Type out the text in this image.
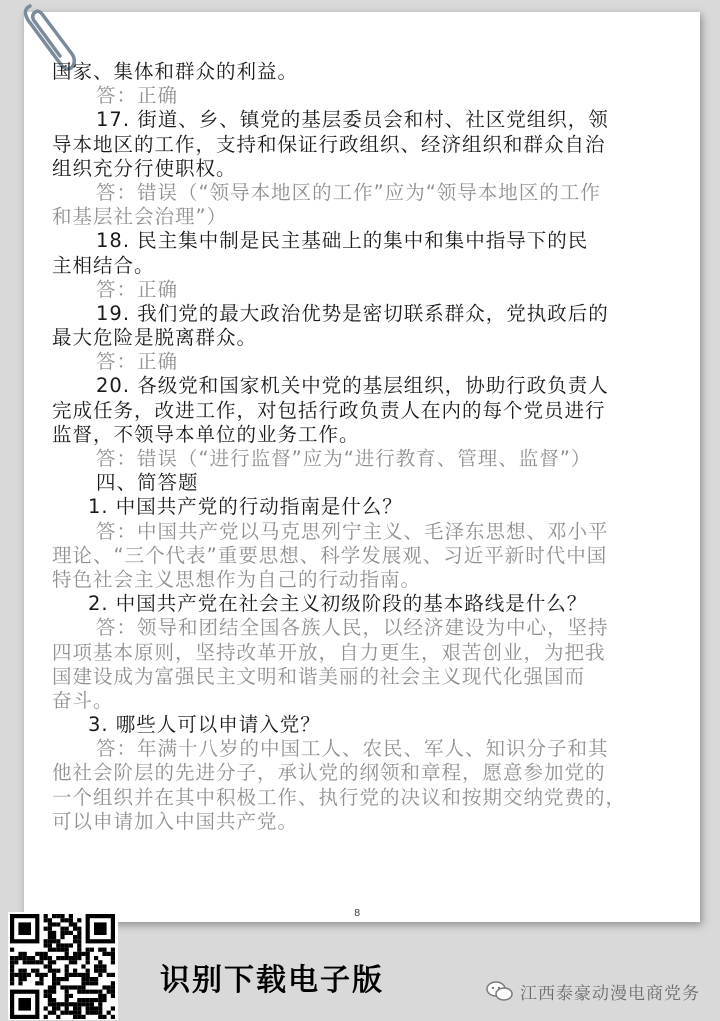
国家、集体和群众的利益。
答：正确
17. 街道、乡、镇党的基层委员会和村、社区党组织，领
导本地区的工作，支持和保证行政组织、经济组织和群众自治
组织充分行使职权。
答：错误（“领导本地区的工作”应为“领导本地区的工作
和基层社会治理”）
18. 民主集中制是民主基础上的集中和集中指导下的民
主相结合。
答：正确
19. 我们党的最大政治优势是密切联系群众，党执政后的
最大危险是脱离群众。
答：正确
20. 各级党和国家机关中党的基层组织，协助行政负责人
完成任务，改进工作，对包括行政负责人在内的每个党员进行
监督，不领导本单位的业务工作。
答：错误（“进行监督”应为“进行教育、管理、监督”）
四、简答题
1. 中国共产党的行动指南是什么？
答：中国共产党以马克思列宁主义、毛泽东思想、邓小平
理论、“三个代表”重要思想、科学发展观、习近平新时代中国
特色社会主义思想作为自己的行动指南。
2. 中国共产党在社会主义初级阶段的基本路线是什么？
答：领导和团结全国各族人民，以经济建设为中心，坚持
四项基本原则，坚持改革开放，自力更生，艰苦创业，为把我
国建设成为富强民主文明和谐美丽的社会主义现代化强国而
奋斗。
3. 哪些人可以申请入党？
答：年满十八岁的中国工人、农民、军人、知识分子和其
他社会阶层的先进分子，承认党的纲领和章程，愿意参加党的
一个组织并在其中积极工作、执行党的决议和按期交纳党费的，
可以申请加入中国共产党。
8
识别下载电子版	江西泰豪动漫电商党务
